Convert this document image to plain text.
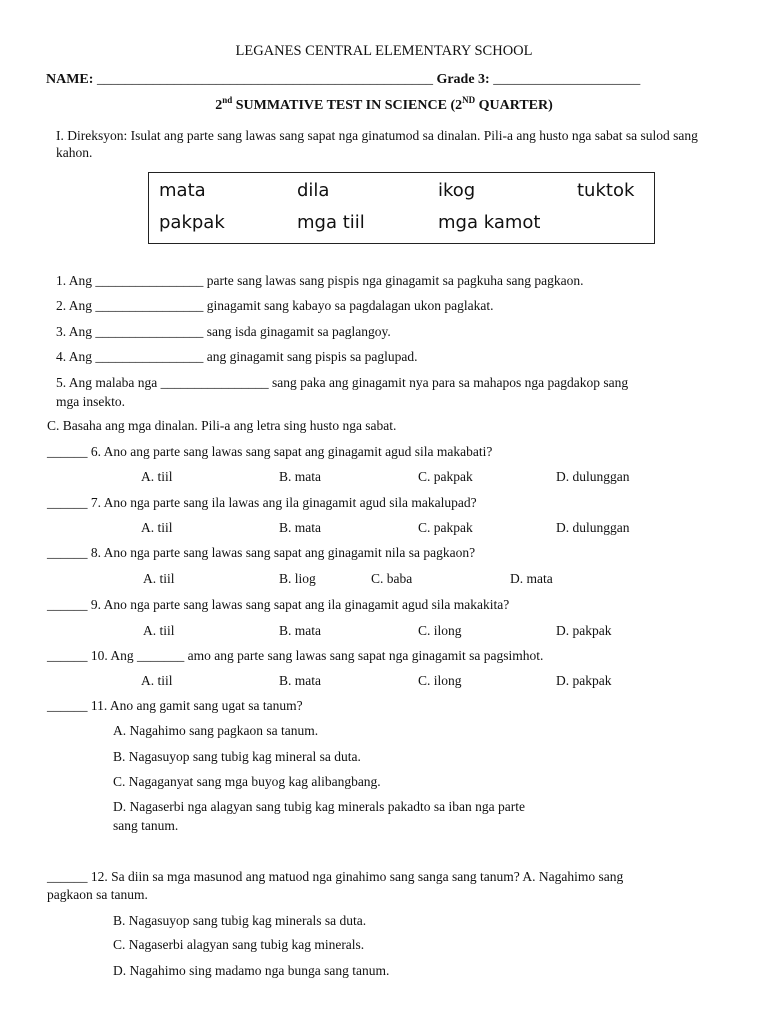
LEGANES CENTRAL ELEMENTARY SCHOOL
NAME: ________________________________________________ Grade 3: _____________________
2nd SUMMATIVE TEST IN SCIENCE (2ND QUARTER)
I. Direksyon: Isulat ang parte sang lawas sang sapat nga ginatumod sa dinalan. Pili-a ang husto nga sabat sa sulod sang kahon.
mata	dila	ikog	tuktok
pakpak	mga tiil	mga kamot
1. Ang ________________ parte sang lawas sang pispis nga ginagamit sa pagkuha sang pagkaon.
2. Ang ________________ ginagamit sang kabayo sa pagdalagan ukon paglakat.
3. Ang ________________ sang isda ginagamit sa paglangoy.
4. Ang ________________ ang ginagamit sang pispis sa paglupad.
5. Ang malaba nga ________________ sang paka ang ginagamit nya para sa mahapos nga pagdakop sang
mga insekto.
C. Basaha ang mga dinalan. Pili-a ang letra sing husto nga sabat.
______ 6. Ano ang parte sang lawas sang sapat ang ginagamit agud sila makabati?
A. tiil	B. mata	C. pakpak	D. dulunggan
______ 7. Ano nga parte sang ila lawas ang ila ginagamit agud sila makalupad?
A. tiil	B. mata	C. pakpak	D. dulunggan
______ 8. Ano nga parte sang lawas sang sapat ang ginagamit nila sa pagkaon?
A. tiil	B. liog	C. baba	D. mata
______ 9. Ano nga parte sang lawas sang sapat ang ila ginagamit agud sila makakita?
A. tiil	B. mata	C. ilong	D. pakpak
______ 10. Ang _______ amo ang parte sang lawas sang sapat nga ginagamit sa pagsimhot.
A. tiil	B. mata	C. ilong	D. pakpak
______ 11. Ano ang gamit sang ugat sa tanum?
A. Nagahimo sang pagkaon sa tanum.
B. Nagasuyop sang tubig kag mineral sa duta.
C. Nagaganyat sang mga buyog kag alibangbang.
D. Nagaserbi nga alagyan sang tubig kag minerals pakadto sa iban nga parte
sang tanum.
______ 12. Sa diin sa mga masunod ang matuod nga ginahimo sang sanga sang tanum? A. Nagahimo sang
pagkaon sa tanum.
B. Nagasuyop sang tubig kag minerals sa duta.
C. Nagaserbi alagyan sang tubig kag minerals.
D. Nagahimo sing madamo nga bunga sang tanum.
